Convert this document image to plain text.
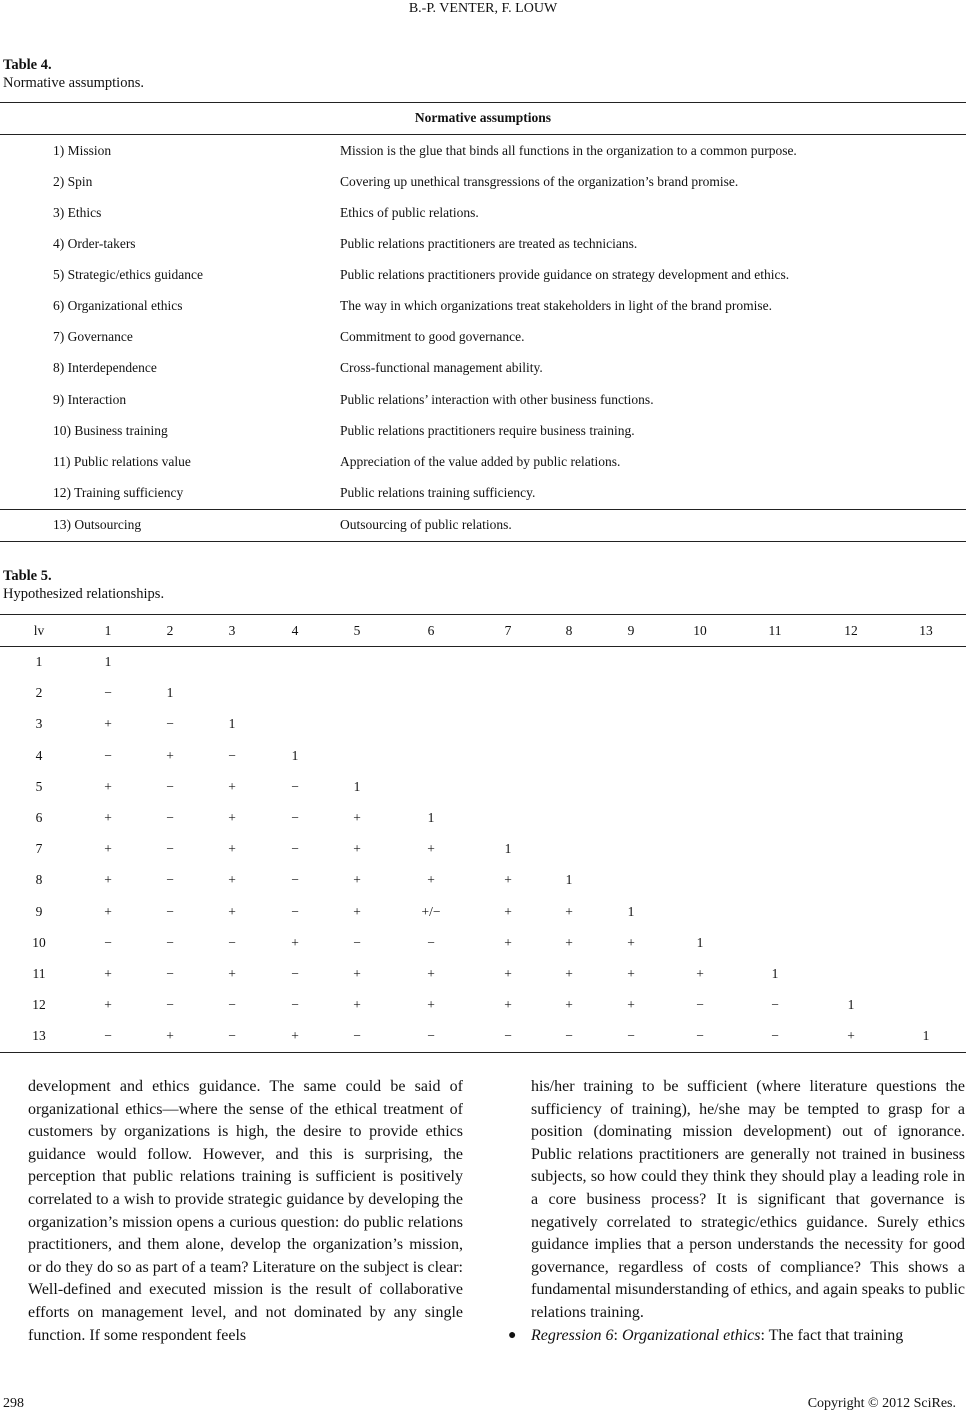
B.-P. VENTER, F. LOUW
Table 4.
Normative assumptions.
Normative assumptions
1) Mission	Mission is the glue that binds all functions in the organization to a common purpose.
2) Spin	Covering up unethical transgressions of the organization’s brand promise.
3) Ethics	Ethics of public relations.
4) Order-takers	Public relations practitioners are treated as technicians.
5) Strategic/ethics guidance	Public relations practitioners provide guidance on strategy development and ethics.
6) Organizational ethics	The way in which organizations treat stakeholders in light of the brand promise.
7) Governance	Commitment to good governance.
8) Interdependence	Cross-functional management ability.
9) Interaction	Public relations’ interaction with other business functions.
10) Business training	Public relations practitioners require business training.
11) Public relations value	Appreciation of the value added by public relations.
12) Training sufficiency	Public relations training sufficiency.
13) Outsourcing	Outsourcing of public relations.
Table 5.
Hypothesized relationships.
lv	1	2	3	4	5	6	7	8	9	10	11	12	13
1	1
2	−	1
3	+	−	1
4	−	+	−	1
5	+	−	+	−	1
6	+	−	+	−	+	1
7	+	−	+	−	+	+	1
8	+	−	+	−	+	+	+	1
9	+	−	+	−	+	+/−	+	+	1
10	−	−	−	+	−	−	+	+	+	1
11	+	−	+	−	+	+	+	+	+	+	1
12	+	−	−	−	+	+	+	+	+	−	−	1
13	−	+	−	+	−	−	−	−	−	−	−	+	1

development and ethics guidance. The same could be said of organizational ethics—where the sense of the ethical treatment of customers by organizations is high, the desire to provide ethics guidance would follow. However, and this is surprising, the perception that public relations training is sufficient is positively correlated to a wish to provide strategic guidance by developing the organization’s mission opens a curious question: do public relations practitioners, and them alone, develop the organization’s mission, or do they do so as part of a team? Literature on the subject is clear: Well-defined and executed mission is the result of collaborative efforts on management level, and not dominated by any single function. If some respondent feels

his/her training to be sufficient (where literature questions the sufficiency of training), he/she may be tempted to grasp for a position (dominating mission development) out of ignorance. Public relations practitioners are generally not trained in business subjects, so how could they think they should play a leading role in a core business process? It is significant that governance is negatively correlated to strategic/ethics guidance. Surely ethics guidance implies that a person understands the necessity for good governance, regardless of costs of compliance? This shows a fundamental misunderstanding of ethics, and again speaks to public relations training.

● Regression 6: Organizational ethics: The fact that training

298	Copyright © 2012 SciRes.
